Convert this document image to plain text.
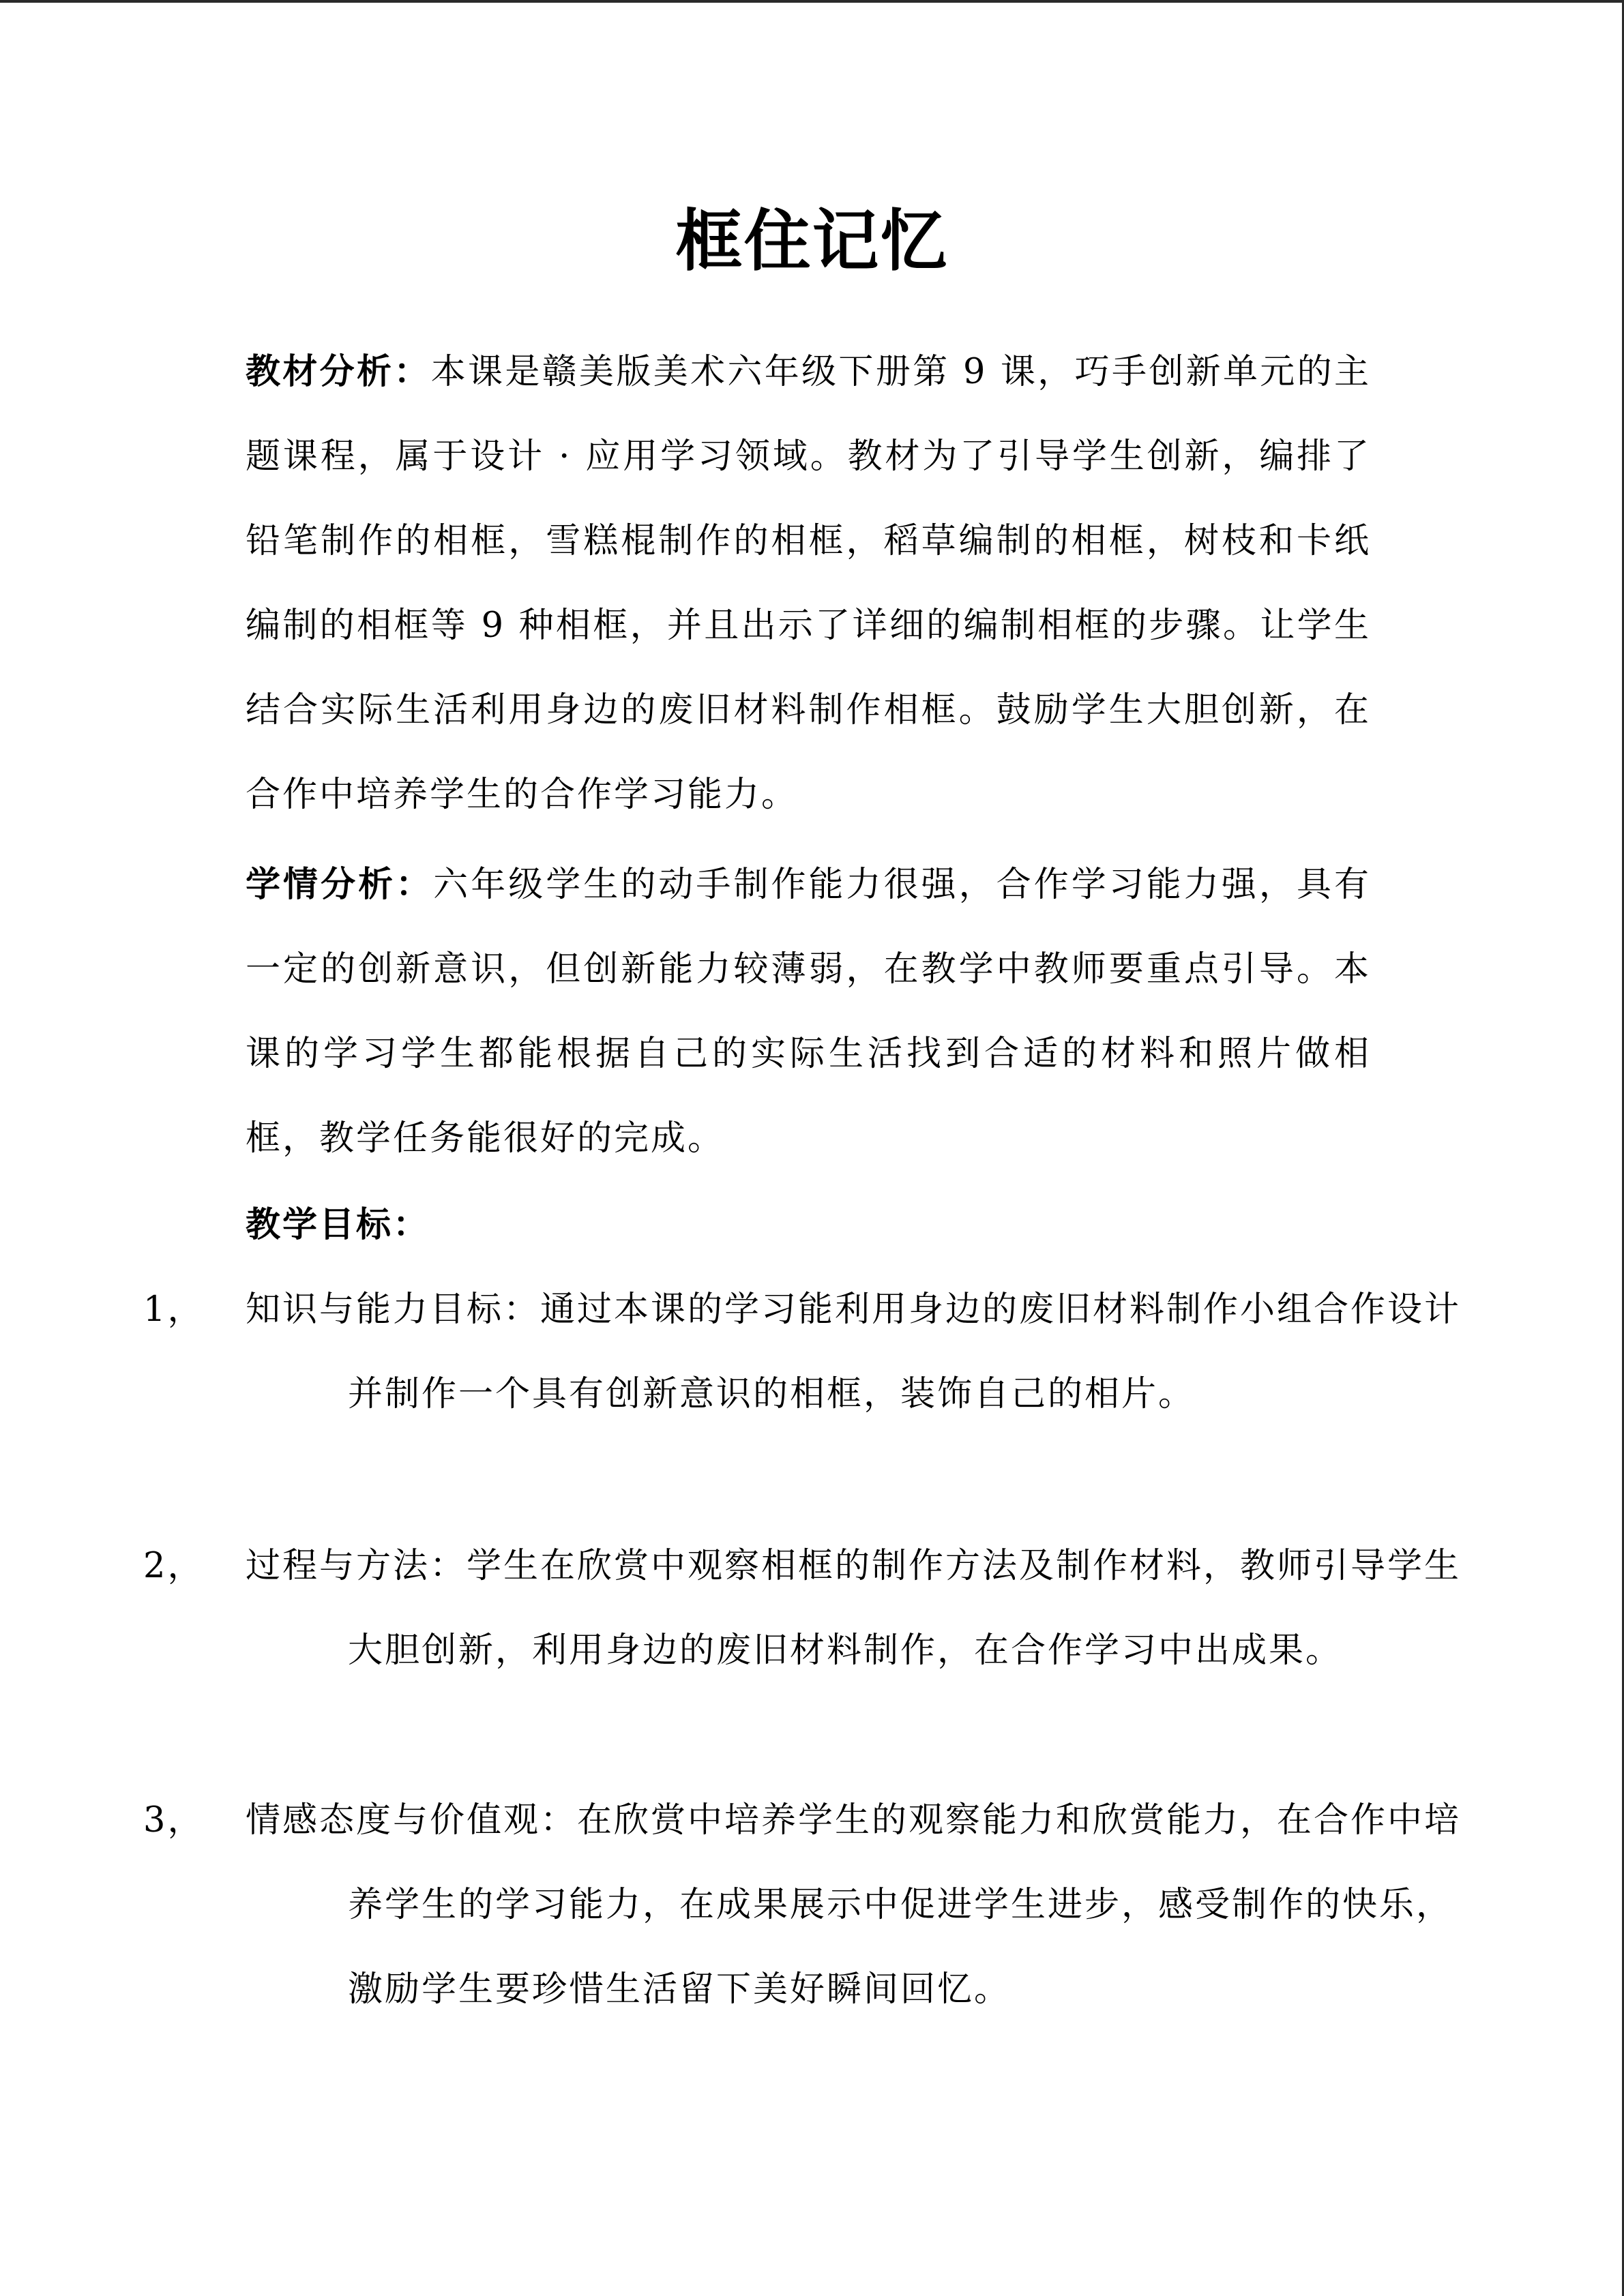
框住记忆

教材分析：本课是赣美版美术六年级下册第 9 课，巧手创新单元的主题课程，属于设计 · 应用学习领域。教材为了引导学生创新，编排了铅笔制作的相框，雪糕棍制作的相框，稻草编制的相框，树枝和卡纸编制的相框等 9 种相框，并且出示了详细的编制相框的步骤。让学生结合实际生活利用身边的废旧材料制作相框。鼓励学生大胆创新，在合作中培养学生的合作学习能力。

学情分析：六年级学生的动手制作能力很强，合作学习能力强，具有一定的创新意识，但创新能力较薄弱，在教学中教师要重点引导。本课的学习学生都能根据自己的实际生活找到合适的材料和照片做相框，教学任务能很好的完成。

教学目标：

1， 知识与能力目标：通过本课的学习能利用身边的废旧材料制作小组合作设计并制作一个具有创新意识的相框，装饰自己的相片。

2， 过程与方法：学生在欣赏中观察相框的制作方法及制作材料，教师引导学生大胆创新，利用身边的废旧材料制作，在合作学习中出成果。

3， 情感态度与价值观：在欣赏中培养学生的观察能力和欣赏能力，在合作中培养学生的学习能力，在成果展示中促进学生进步，感受制作的快乐，激励学生要珍惜生活留下美好瞬间回忆。
